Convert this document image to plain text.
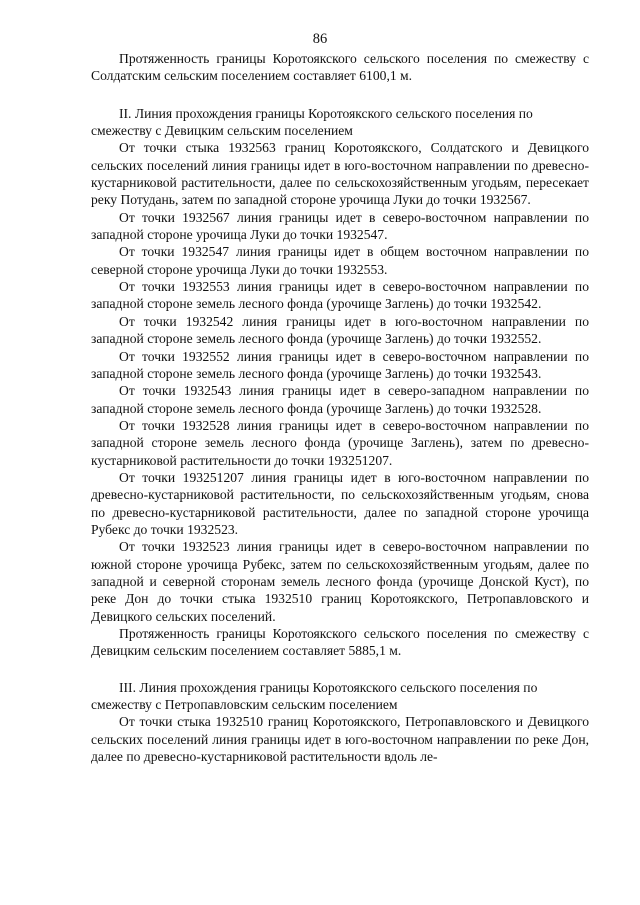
86

Протяженность границы Коротоякского сельского поселения по смежеству с Солдатским сельским поселением составляет 6100,1 м.

II. Линия прохождения границы Коротоякского сельского поселения по смежеству с Девицким сельским поселением

От точки стыка 1932563 границ Коротоякского, Солдатского и Девицкого сельских поселений линия границы идет в юго-восточном направлении по древесно-кустарниковой растительности, далее по сельскохозяйственным угодьям, пересекает реку Потудань, затем по западной стороне урочища Луки до точки 1932567.

От точки 1932567 линия границы идет в северо-восточном направлении по западной стороне урочища Луки до точки 1932547.

От точки 1932547 линия границы идет в общем восточном направлении по северной стороне урочища Луки до точки 1932553.

От точки 1932553 линия границы идет в северо-восточном направлении по западной стороне земель лесного фонда (урочище Заглень) до точки 1932542.

От точки 1932542 линия границы идет в юго-восточном направлении по западной стороне земель лесного фонда (урочище Заглень) до точки 1932552.

От точки 1932552 линия границы идет в северо-восточном направлении по западной стороне земель лесного фонда (урочище Заглень) до точки 1932543.

От точки 1932543 линия границы идет в северо-западном направлении по западной стороне земель лесного фонда (урочище Заглень) до точки 1932528.

От точки 1932528 линия границы идет в северо-восточном направлении по западной стороне земель лесного фонда (урочище Заглень), затем по древесно-кустарниковой растительности до точки 193251207.

От точки 193251207 линия границы идет в юго-восточном направлении по древесно-кустарниковой растительности, по сельскохозяйственным угодьям, снова по древесно-кустарниковой растительности, далее по западной стороне урочища Рубекс до точки 1932523.

От точки 1932523 линия границы идет в северо-восточном направлении по южной стороне урочища Рубекс, затем по сельскохозяйственным угодьям, далее по западной и северной сторонам земель лесного фонда (урочище Донской Куст), по реке Дон до точки стыка 1932510 границ Коротоякского, Петропавловского и Девицкого сельских поселений.

Протяженность границы Коротоякского сельского поселения по смежеству с Девицким сельским поселением составляет 5885,1 м.

III. Линия прохождения границы Коротоякского сельского поселения по смежеству с Петропавловским сельским поселением

От точки стыка 1932510 границ Коротоякского, Петропавловского и Девицкого сельских поселений линия границы идет в юго-восточном направлении по реке Дон, далее по древесно-кустарниковой растительности вдоль ле-
